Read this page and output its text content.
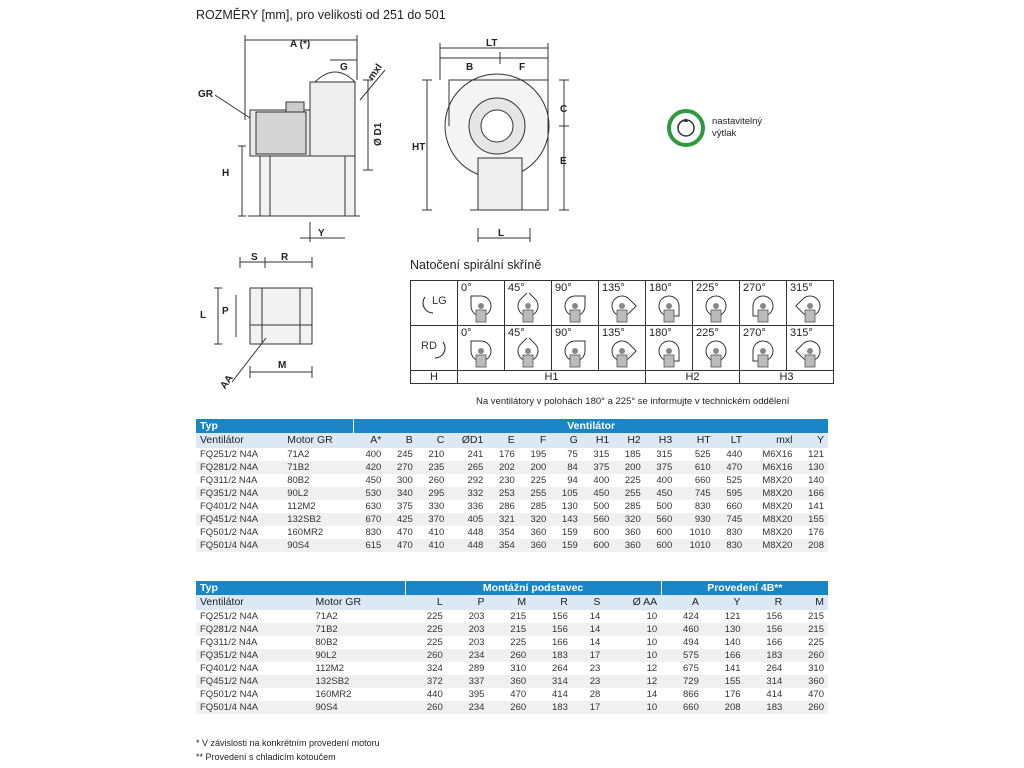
ROZMĚRY [mm], pro velikosti od 251 do 501
A (*)
G mxl
GR
Ø D1
H
Y
LT
B	F
C
E
HT
L
S R
L P
M
AA
nastavitelný
výtlak
Natočení spirální skříně
LG	0°	45°	90°	135°	180°	225°	270°	315°

RD	0°	45°	90°	135°	180°	225°	270°	315°

H	H1				H2		H3	
Na ventilátory v polohách 180° a 225° se informujte v technickém oddělení
Typ		Ventilátor													
Ventilátor	Motor GR	A*	B	C	ØD1	E	F	G	H1	H2	H3	HT	LT	mxl	Y
FQ251/2 N4A	71A2	400	245	210	241	176	195	75	315	185	315	525	440	M6X16	121
FQ281/2 N4A	71B2	420	270	235	265	202	200	84	375	200	375	610	470	M6X16	130
FQ311/2 N4A	80B2	450	300	260	292	230	225	94	400	225	400	660	525	M8X20	140
FQ351/2 N4A	90L2	530	340	295	332	253	255	105	450	255	450	745	595	M8X20	166
FQ401/2 N4A	112M2	630	375	330	336	286	285	130	500	285	500	830	660	M8X20	141
FQ451/2 N4A	132SB2	670	425	370	405	321	320	143	560	320	560	930	745	M8X20	155
FQ501/2 N4A	160MR2	830	470	410	448	354	360	159	600	360	600	1010	830	M8X20	176
FQ501/4 N4A	90S4	615	470	410	448	354	360	159	600	360	600	1010	830	M8X20	208
Typ		Montážní podstavec						Provedení 4B**			
Ventilátor	Motor GR	L	P	M	R	S	Ø AA	A	Y	R	M
FQ251/2 N4A	71A2	225	203	215	156	14	10	424	121	156	215
FQ281/2 N4A	71B2	225	203	215	156	14	10	460	130	156	215
FQ311/2 N4A	80B2	225	203	225	166	14	10	494	140	166	225
FQ351/2 N4A	90L2	260	234	260	183	17	10	575	166	183	260
FQ401/2 N4A	112M2	324	289	310	264	23	12	675	141	264	310
FQ451/2 N4A	132SB2	372	337	360	314	23	12	729	155	314	360
FQ501/2 N4A	160MR2	440	395	470	414	28	14	866	176	414	470
FQ501/4 N4A	90S4	260	234	260	183	17	10	660	208	183	260
* V závislosti na konkrétním provedení motoru
** Provedení s chladicím kotoučem
